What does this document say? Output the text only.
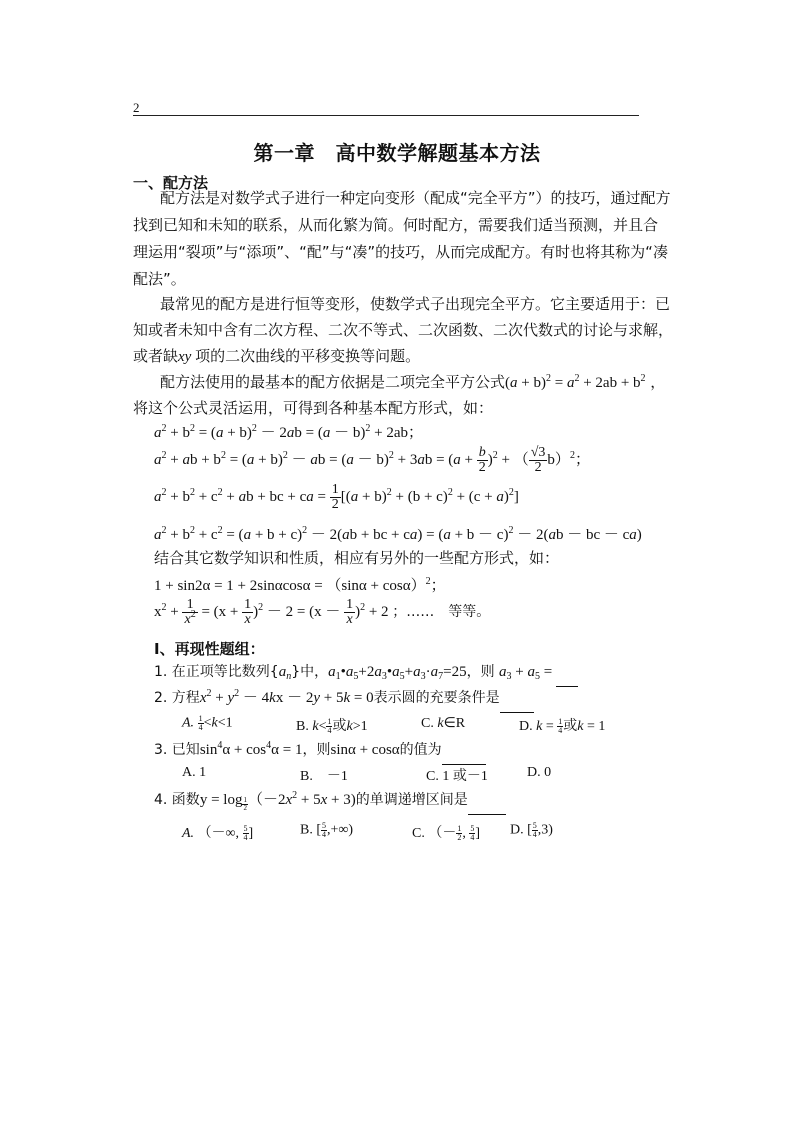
2
第一章　高中数学解题基本方法
一、配方法
配方法是对数学式子进行一种定向变形（配成“完全平方”）的技巧，通过配方
找到已知和未知的联系，从而化繁为简。何时配方，需要我们适当预测，并且合
理运用“裂项”与“添项”、“配”与“凑”的技巧，从而完成配方。有时也将其称为“凑
配法”。
最常见的配方是进行恒等变形，使数学式子出现完全平方。它主要适用于：已
知或者未知中含有二次方程、二次不等式、二次函数、二次代数式的讨论与求解，
或者缺xy 项的二次曲线的平移变换等问题。
配方法使用的最基本的配方依据是二项完全平方公式$(a + b)^2 = a^2 + 2ab + b^2$ ，
将这个公式灵活运用，可得到各种基本配方形式，如：
$a^2 + b^2 = (a + b)^2 - 2ab = (a - b)^2 + 2ab$；
$a^2$ + ab + $b^2 = (a + b)^2$ － ab = $(a - b)^2 + 3ab = (a + \frac{b}{2} )^2$ + （ $\frac{√3}{2} b)^2$；
$a^2 + b^2 + c^2$ + ab + bc + ca = $\frac{1}{2} [(a + b)^2 + (b + c)^2 + (c + a)^2]$
$a^2 + b^2 + c^2 = (a + b + c)^2 - 2(ab$ + bc + $ca) = (a + b - c)^2 - 2(ab$ － bc － ca)
结合其它数学知识和性质，相应有另外的一些配方形式，如：
$1 + \sin 2\alpha = 1 + 2\sin\alpha\cos\alpha = (\sin\alpha + \cos\alpha)^2$；
$x^2 + \frac{1}{x^2} = (x + \frac{1}{x} )^2 - 2 = (x - \frac{1}{x} )^2 + 2$ ；……　等等。
Ⅰ、再现性题组：
1. 在正项等比数列$\{a_n\}$中，$a_1•a_5+2a_3•a_5+a_3\cdot a_7=25$，则 $a_3 + a_5$ =
2. 方程$x^2 + y^2 - 4kx - 2y + 5k = 0$表示圆的充要条件是
A. $\frac{1}{4} <k<1$	B. $k< \frac{1}{4}$ 或k>1	C. k∈R	D. $k = \frac{1}{4}$ 或k = 1
3. 已知$\sin^4\alpha + \cos^4\alpha = 1$，则sinα + cosα的值为
A. 1	B.　－1	C. 1 或－1	D. 0
4. 函数y = log $_{\frac{1}{2}}$ $(-2x^2 + 5x + 3)$的单调递增区间是
A. （－∞, $\frac{5}{4}$ ]	B. [ $\frac{5}{4}$ ,+∞)	C. （－ $\frac{1}{2}$ , $\frac{5}{4}$ ] D. [ $\frac{5}{4} ,3$)
